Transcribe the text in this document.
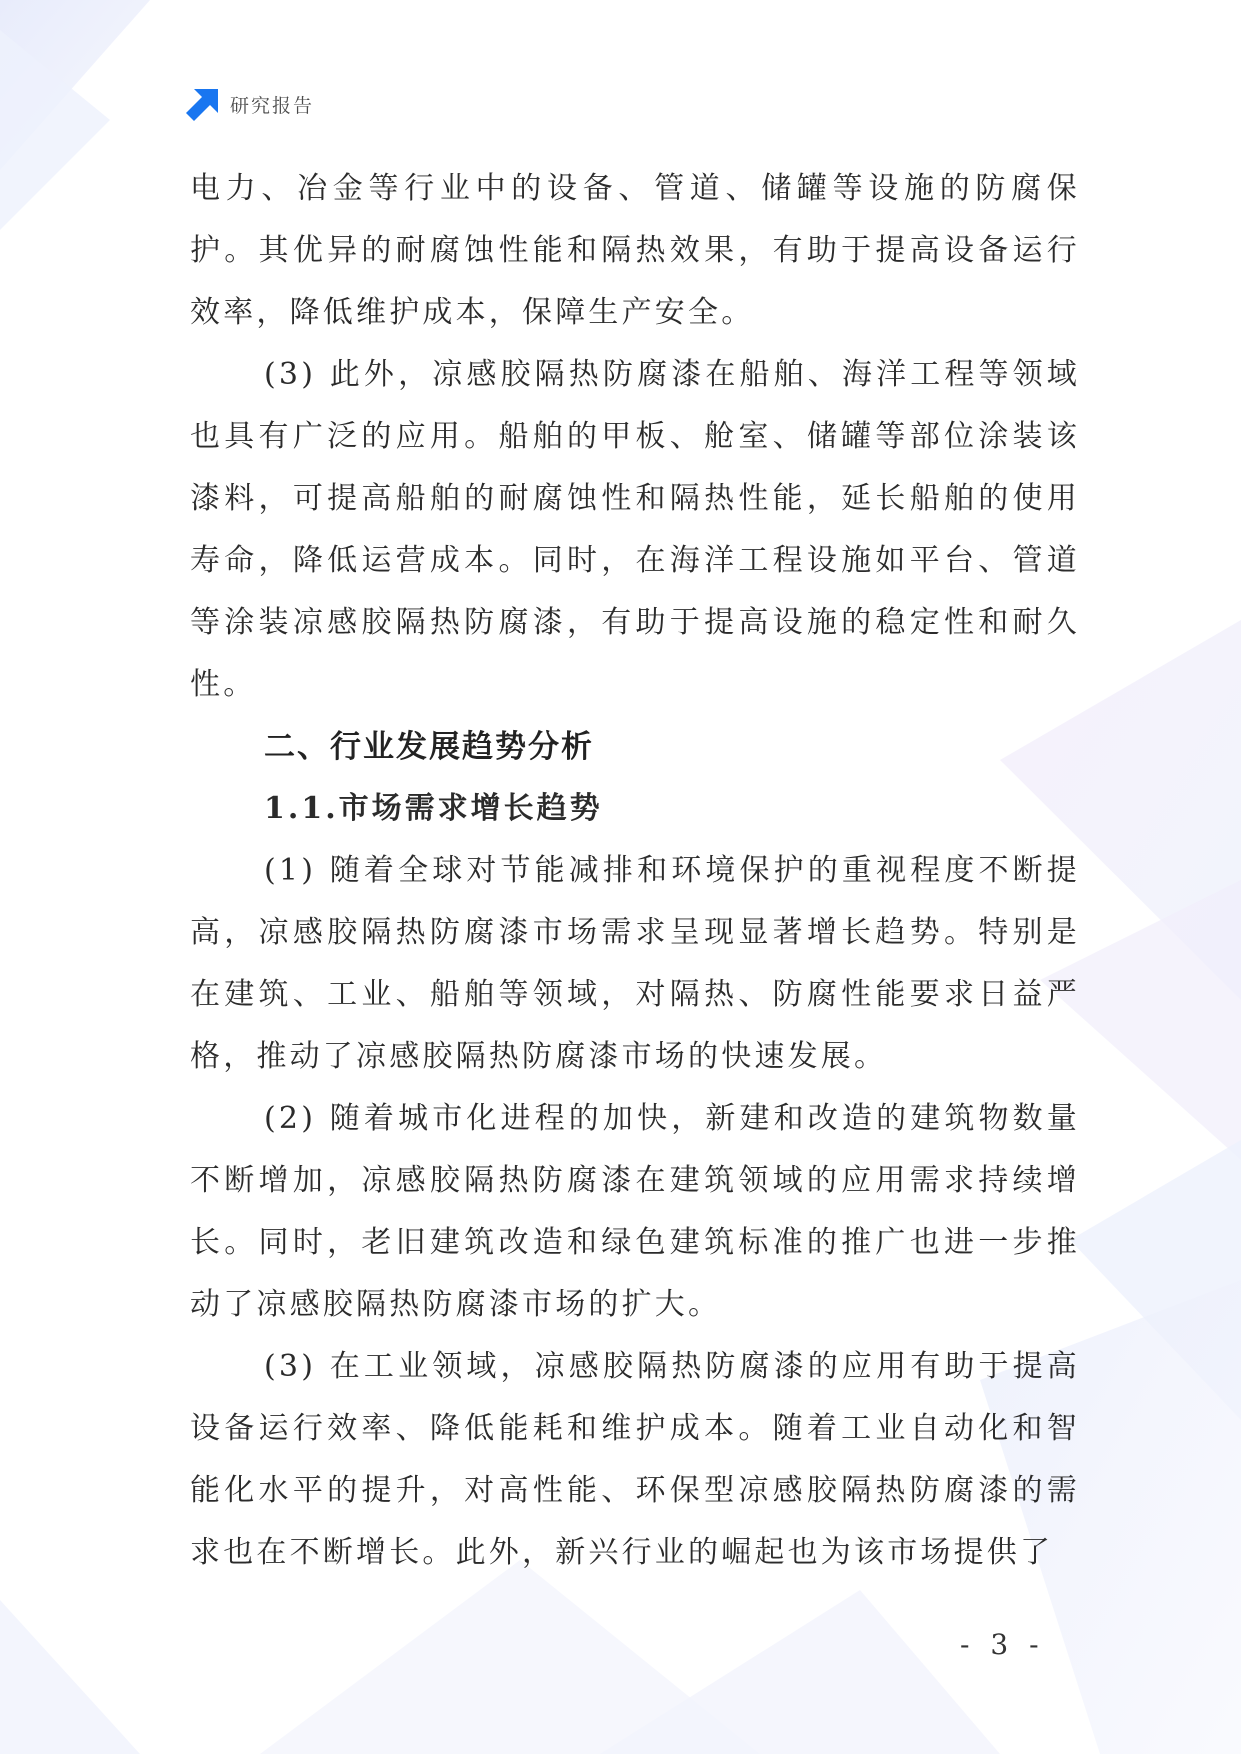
研究报告

电力、冶金等行业中的设备、管道、储罐等设施的防腐保护。其优异的耐腐蚀性能和隔热效果，有助于提高设备运行效率，降低维护成本，保障生产安全。

(3) 此外，凉感胶隔热防腐漆在船舶、海洋工程等领域也具有广泛的应用。船舶的甲板、舱室、储罐等部位涂装该漆料，可提高船舶的耐腐蚀性和隔热性能，延长船舶的使用寿命，降低运营成本。同时，在海洋工程设施如平台、管道等涂装凉感胶隔热防腐漆，有助于提高设施的稳定性和耐久性。

二、行业发展趋势分析
1.1.市场需求增长趋势

(1) 随着全球对节能减排和环境保护的重视程度不断提高，凉感胶隔热防腐漆市场需求呈现显著增长趋势。特别是在建筑、工业、船舶等领域，对隔热、防腐性能要求日益严格，推动了凉感胶隔热防腐漆市场的快速发展。

(2) 随着城市化进程的加快，新建和改造的建筑物数量不断增加，凉感胶隔热防腐漆在建筑领域的应用需求持续增长。同时，老旧建筑改造和绿色建筑标准的推广也进一步推动了凉感胶隔热防腐漆市场的扩大。

(3) 在工业领域，凉感胶隔热防腐漆的应用有助于提高设备运行效率、降低能耗和维护成本。随着工业自动化和智能化水平的提升，对高性能、环保型凉感胶隔热防腐漆的需求也在不断增长。此外，新兴行业的崛起也为该市场提供了

- 3 -
